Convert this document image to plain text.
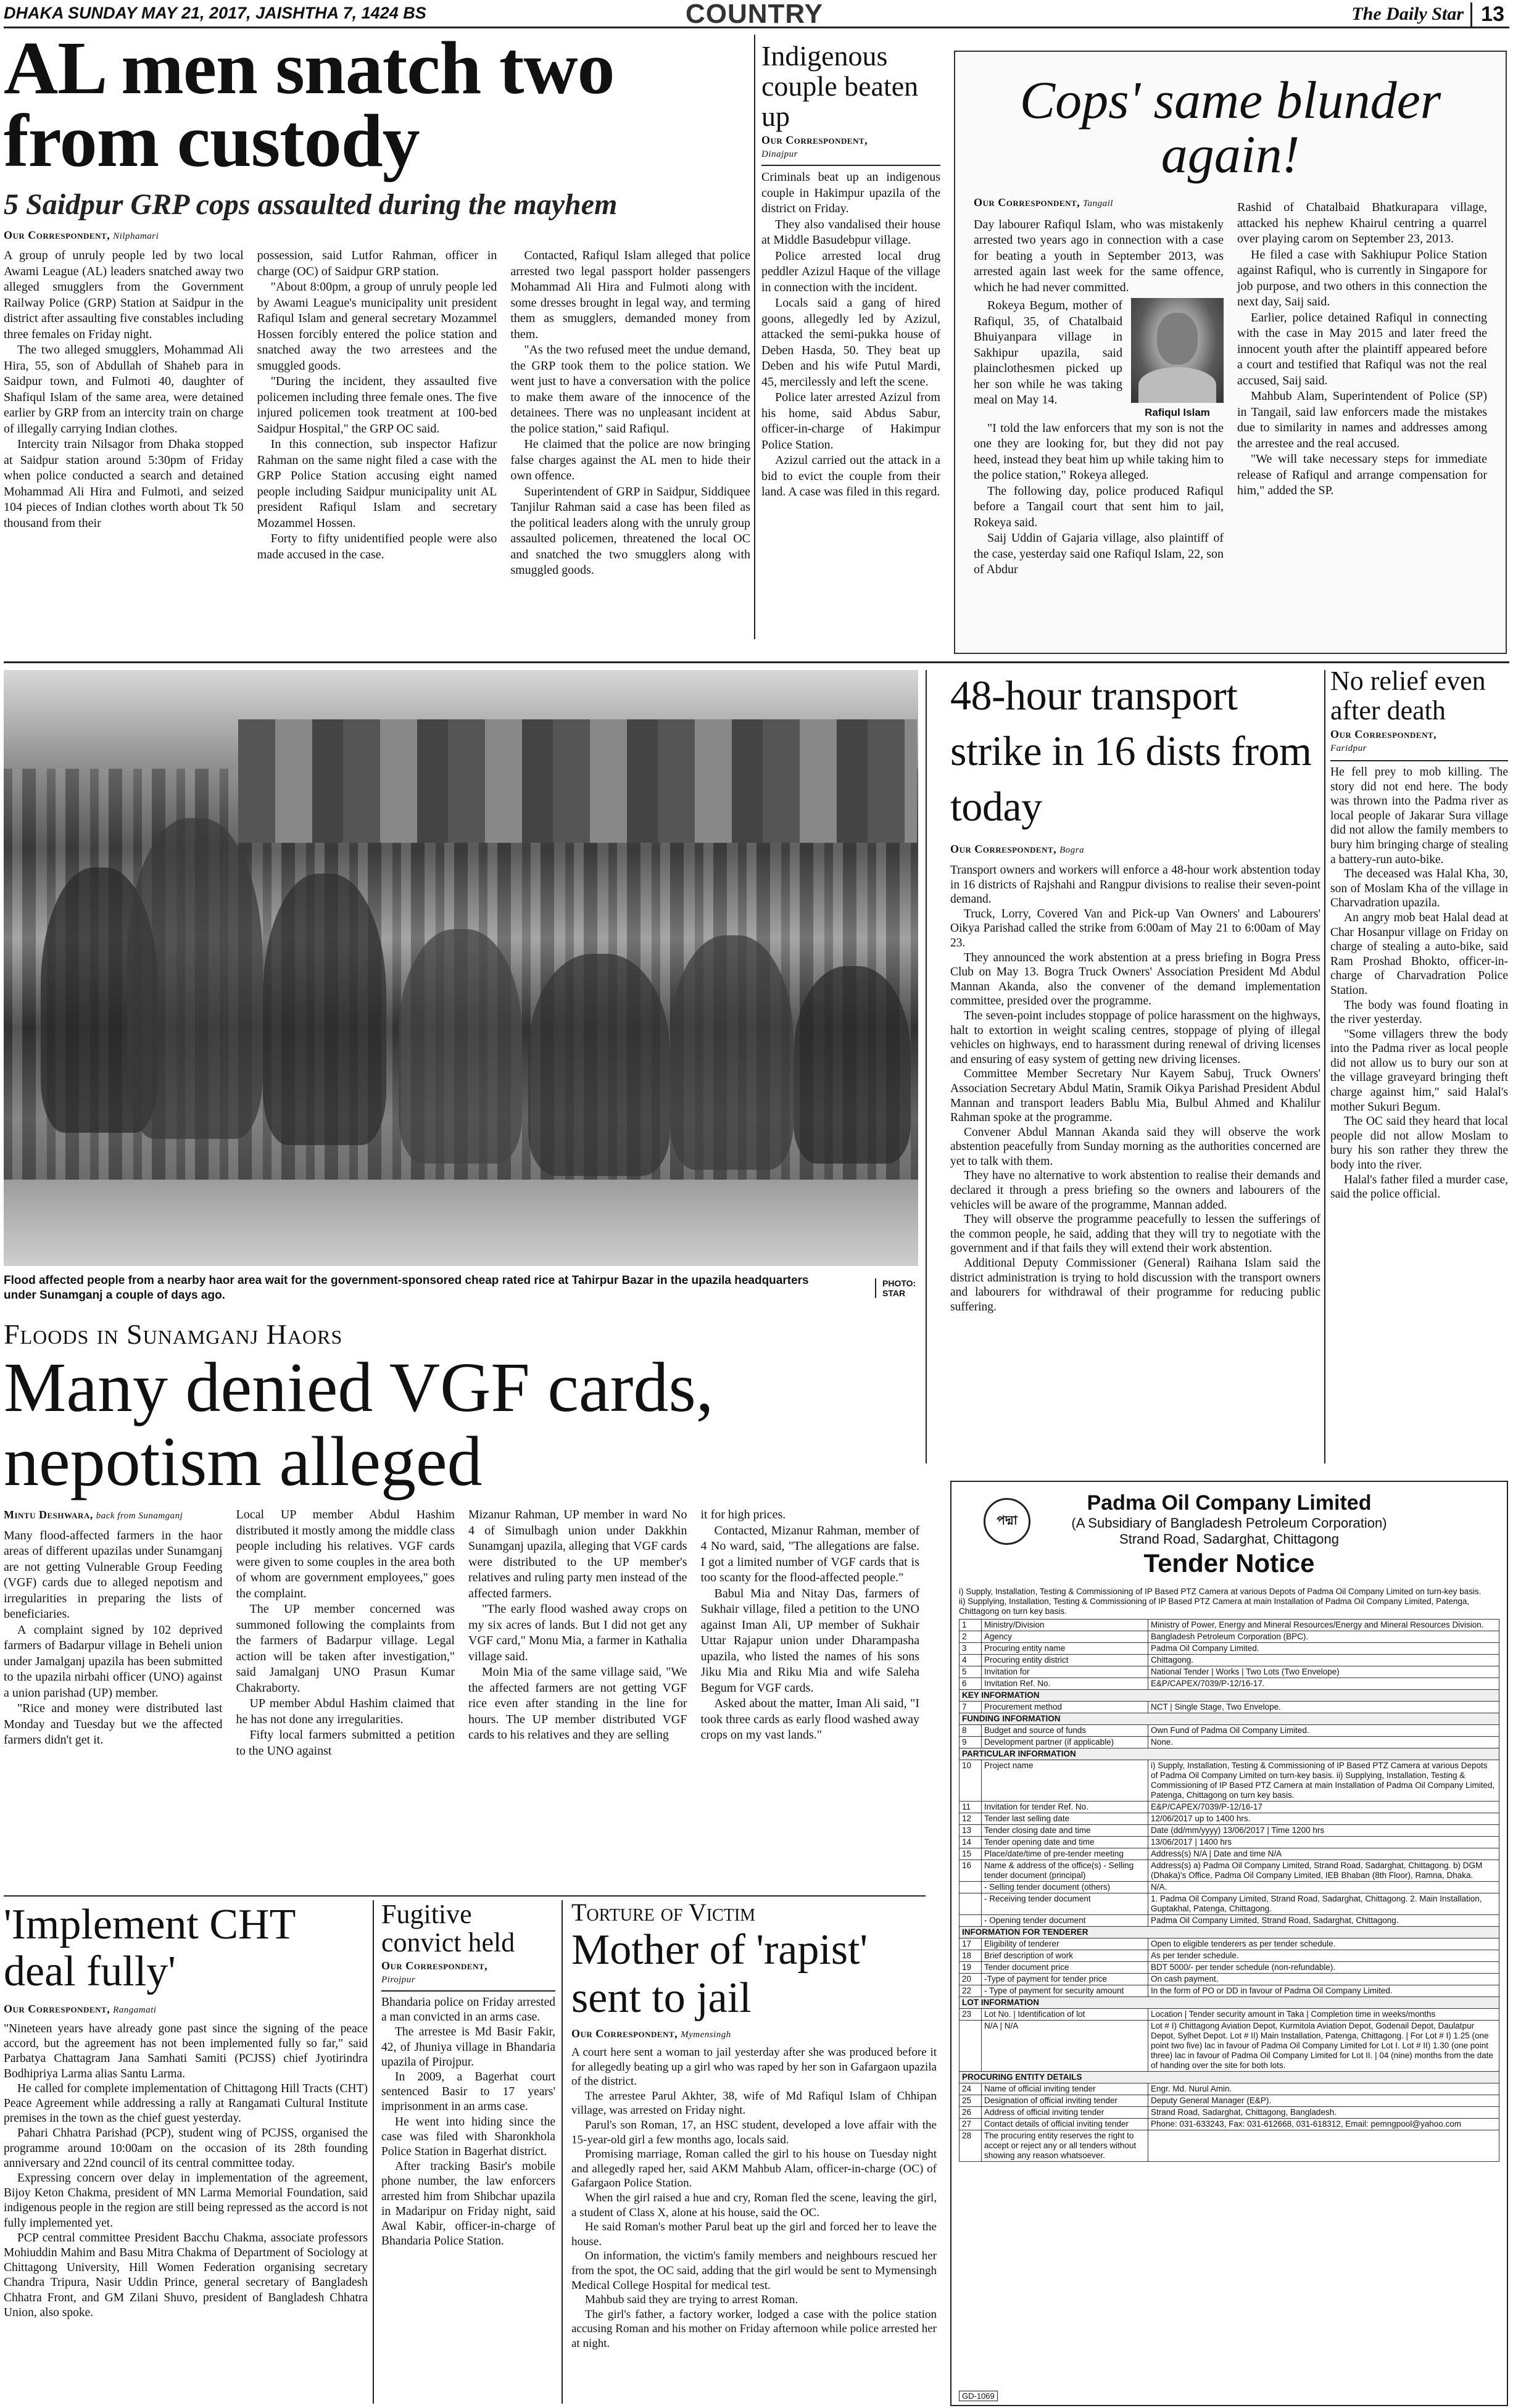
DHAKA SUNDAY MAY 21, 2017, JAISHTHA 7, 1424 BS	COUNTRY	The Daily Star 13
AL men snatch two
from custody
5 Saidpur GRP cops assaulted during the mayhem
Our Correspondent, Nilphamari

A group of unruly people led by two local Awami League (AL) leaders snatched away two alleged smugglers from the Government Railway Police (GRP) Station at Saidpur in the district after assaulting five constables including three females on Friday night.

The two alleged smugglers, Mohammad Ali Hira, 55, son of Abdullah of Shaheb para in Saidpur town, and Fulmoti 40, daughter of Shafiqul Islam of the same area, were detained earlier by GRP from an intercity train on charge of illegally carrying Indian clothes.

Intercity train Nilsagor from Dhaka stopped at Saidpur station around 5:30pm of Friday when police conducted a search and detained Mohammad Ali Hira and Fulmoti, and seized 104 pieces of Indian clothes worth about Tk 50 thousand from their

possession, said Lutfor Rahman, officer in charge (OC) of Saidpur GRP station.

"About 8:00pm, a group of unruly people led by Awami League's municipality unit president Rafiqul Islam and general secretary Mozammel Hossen forcibly entered the police station and snatched away the two arrestees and the smuggled goods.

"During the incident, they assaulted five policemen including three female ones. The five injured policemen took treatment at 100-bed Saidpur Hospital," the GRP OC said.

In this connection, sub inspector Hafizur Rahman on the same night filed a case with the GRP Police Station accusing eight named people including Saidpur municipality unit AL president Rafiqul Islam and secretary Mozammel Hossen.

Forty to fifty unidentified people were also made accused in the case.

Contacted, Rafiqul Islam alleged that police arrested two legal passport holder passengers Mohammad Ali Hira and Fulmoti along with some dresses brought in legal way, and terming them as smugglers, demanded money from them.

"As the two refused meet the undue demand, the GRP took them to the police station. We went just to have a conversation with the police to make them aware of the innocence of the detainees. There was no unpleasant incident at the police station," said Rafiqul.

He claimed that the police are now bringing false charges against the AL men to hide their own offence.

Superintendent of GRP in Saidpur, Siddiquee Tanjilur Rahman said a case has been filed as the political leaders along with the unruly group assaulted policemen, threatened the local OC and snatched the two smugglers along with smuggled goods.

Indigenous couple beaten up
Our Correspondent,
Dinajpur

Criminals beat up an indigenous couple in Hakimpur upazila of the district on Friday.

They also vandalised their house at Middle Basudebpur village.

Police arrested local drug peddler Azizul Haque of the village in connection with the incident.

Locals said a gang of hired goons, allegedly led by Azizul, attacked the semi-pukka house of Deben Hasda, 50. They beat up Deben and his wife Putul Mardi, 45, mercilessly and left the scene.

Police later arrested Azizul from his home, said Abdus Sabur, officer-in-charge of Hakimpur Police Station.

Azizul carried out the attack in a bid to evict the couple from their land. A case was filed in this regard.

Cops' same blunder
again!
Our Correspondent, Tangail

Day labourer Rafiqul Islam, who was mistakenly arrested two years ago in connection with a case for beating a youth in September 2013, was arrested again last week for the same offence, which he had never committed.

Rokeya Begum, mother of Rafiqul, 35, of Chatalbaid Bhuiyanpara village in Sakhipur upazila, said plainclothesmen picked up her son while he was taking meal on May 14.

Rafiqul Islam

"I told the law enforcers that my son is not the one they are looking for, but they did not pay heed, instead they beat him up while taking him to the police station," Rokeya alleged.

The following day, police produced Rafiqul before a Tangail court that sent him to jail, Rokeya said.

Saij Uddin of Gajaria village, also plaintiff of the case, yesterday said one Rafiqul Islam, 22, son of Abdur

Rashid of Chatalbaid Bhatkurapara village, attacked his nephew Khairul centring a quarrel over playing carom on September 23, 2013.

He filed a case with Sakhiupur Police Station against Rafiqul, who is currently in Singapore for job purpose, and two others in this connection the next day, Saij said.

Earlier, police detained Rafiqul in connecting with the case in May 2015 and later freed the innocent youth after the plaintiff appeared before a court and testified that Rafiqul was not the real accused, Saij said.

Mahbub Alam, Superintendent of Police (SP) in Tangail, said law enforcers made the mistakes due to similarity in names and addresses among the arrestee and the real accused.

"We will take necessary steps for immediate release of Rafiqul and arrange compensation for him," added the SP.

Flood affected people from a nearby haor area wait for the government-sponsored cheap rated rice at Tahirpur Bazar in the upazila headquarters under Sunamganj a couple of days ago.
PHOTO:
STAR
Floods in Sunamganj Haors
Many denied VGF cards,
nepotism alleged
Mintu Deshwara, back from Sunamganj

Many flood-affected farmers in the haor areas of different upazilas under Sunamganj are not getting Vulnerable Group Feeding (VGF) cards due to alleged nepotism and irregularities in preparing the lists of beneficiaries.

A complaint signed by 102 deprived farmers of Badarpur village in Beheli union under Jamalganj upazila has been submitted to the upazila nirbahi officer (UNO) against a union parishad (UP) member.

"Rice and money were distributed last Monday and Tuesday but we the affected farmers didn't get it.

Local UP member Abdul Hashim distributed it mostly among the middle class people including his relatives. VGF cards were given to some couples in the area both of whom are government employees," goes the complaint.

The UP member concerned was summoned following the complaints from the farmers of Badarpur village. Legal action will be taken after investigation," said Jamalganj UNO Prasun Kumar Chakraborty.

UP member Abdul Hashim claimed that he has not done any irregularities.

Fifty local farmers submitted a petition to the UNO against

Mizanur Rahman, UP member in ward No 4 of Simulbagh union under Dakkhin Sunamganj upazila, alleging that VGF cards were distributed to the UP member's relatives and ruling party men instead of the affected farmers.

"The early flood washed away crops on my six acres of lands. But I did not get any VGF card," Monu Mia, a farmer in Kathalia village said.

Moin Mia of the same village said, "We the affected farmers are not getting VGF rice even after standing in the line for hours. The UP member distributed VGF cards to his relatives and they are selling

it for high prices.

Contacted, Mizanur Rahman, member of 4 No ward, said, "The allegations are false. I got a limited number of VGF cards that is too scanty for the flood-affected people."

Babul Mia and Nitay Das, farmers of Sukhair village, filed a petition to the UNO against Iman Ali, UP member of Sukhair Uttar Rajapur union under Dharampasha upazila, who listed the names of his sons Jiku Mia and Riku Mia and wife Saleha Begum for VGF cards.

Asked about the matter, Iman Ali said, "I took three cards as early flood washed away crops on my vast lands."

48-hour transport strike in 16 dists from today
Our Correspondent, Bogra

Transport owners and workers will enforce a 48-hour work abstention today in 16 districts of Rajshahi and Rangpur divisions to realise their seven-point demand.

Truck, Lorry, Covered Van and Pick-up Van Owners' and Labourers' Oikya Parishad called the strike from 6:00am of May 21 to 6:00am of May 23.

They announced the work abstention at a press briefing in Bogra Press Club on May 13. Bogra Truck Owners' Association President Md Abdul Mannan Akanda, also the convener of the demand implementation committee, presided over the programme.

The seven-point includes stoppage of police harassment on the highways, halt to extortion in weight scaling centres, stoppage of plying of illegal vehicles on highways, end to harassment during renewal of driving licenses and ensuring of easy system of getting new driving licenses.

Committee Member Secretary Nur Kayem Sabuj, Truck Owners' Association Secretary Abdul Matin, Sramik Oikya Parishad President Abdul Mannan and transport leaders Bablu Mia, Bulbul Ahmed and Khalilur Rahman spoke at the programme.

Convener Abdul Mannan Akanda said they will observe the work abstention peacefully from Sunday morning as the authorities concerned are yet to talk with them.

They have no alternative to work abstention to realise their demands and declared it through a press briefing so the owners and labourers of the vehicles will be aware of the programme, Mannan added.

They will observe the programme peacefully to lessen the sufferings of the common people, he said, adding that they will try to negotiate with the government and if that fails they will extend their work abstention.

Additional Deputy Commissioner (General) Raihana Islam said the district administration is trying to hold discussion with the transport owners and labourers for withdrawal of their programme for reducing public suffering.

No relief even after death
Our Correspondent,
Faridpur

He fell prey to mob killing. The story did not end here. The body was thrown into the Padma river as local people of Jakarar Sura village did not allow the family members to bury him bringing charge of stealing a battery-run auto-bike.

The deceased was Halal Kha, 30, son of Moslam Kha of the village in Charvadration upazila.

An angry mob beat Halal dead at Char Hosanpur village on Friday on charge of stealing a auto-bike, said Ram Proshad Bhokto, officer-in-charge of Charvadration Police Station.

The body was found floating in the river yesterday.

"Some villagers threw the body into the Padma river as local people did not allow us to bury our son at the village graveyard bringing theft charge against him," said Halal's mother Sukuri Begum.

The OC said they heard that local people did not allow Moslam to bury his son rather they threw the body into the river.

Halal's father filed a murder case, said the police official.

পদ্মা
Padma Oil Company Limited
(A Subsidiary of Bangladesh Petroleum Corporation)
Strand Road, Sadarghat, Chittagong
Tender Notice
i) Supply, Installation, Testing & Commissioning of IP Based PTZ Camera at various Depots of Padma Oil Company Limited on turn-key basis.
ii) Supplying, Installation, Testing & Commissioning of IP Based PTZ Camera at main Installation of Padma Oil Company Limited, Patenga, Chittagong on turn key basis.
1	Ministry/Division	Ministry of Power, Energy and Mineral Resources/Energy and Mineral Resources Division.
2	Agency	Bangladesh Petroleum Corporation (BPC).
3	Procuring entity name	Padma Oil Company Limited.
4	Procuring entity district	Chittagong.
5	Invitation for	National Tender | Works | Two Lots (Two Envelope)
6	Invitation Ref. No.	E&P/CAPEX/7039/P-12/16-17.
KEY INFORMATION		
7	Procurement method	NCT | Single Stage, Two Envelope.
FUNDING INFORMATION		
8	Budget and source of funds	Own Fund of Padma Oil Company Limited.
9	Development partner (if applicable)	None.
PARTICULAR INFORMATION		
10	Project name	i) Supply, Installation, Testing & Commissioning of IP Based PTZ Camera at various Depots of Padma Oil Company Limited on turn-key basis. ii) Supplying, Installation, Testing & Commissioning of IP Based PTZ Camera at main Installation of Padma Oil Company Limited, Patenga, Chittagong on turn key basis.
11	Invitation for tender Ref. No.	E&P/CAPEX/7039/P-12/16-17
12	Tender last selling date	12/06/2017 up to 1400 hrs.
13	Tender closing date and time	Date (dd/mm/yyyy) 13/06/2017 | Time 1200 hrs
14	Tender opening date and time	13/06/2017 | 1400 hrs
15	Place/date/time of pre-tender meeting	Address(s) N/A | Date and time N/A
16	Name & address of the office(s) - Selling tender document (principal)	Address(s) a) Padma Oil Company Limited, Strand Road, Sadarghat, Chittagong. b) DGM (Dhaka)'s Office, Padma Oil Company Limited, IEB Bhaban (8th Floor), Ramna, Dhaka.
	- Selling tender document (others)	N/A.
	- Receiving tender document	1. Padma Oil Company Limited, Strand Road, Sadarghat, Chittagong. 2. Main Installation, Guptakhal, Patenga, Chittagong.
	- Opening tender document	Padma Oil Company Limited, Strand Road, Sadarghat, Chittagong.
INFORMATION FOR TENDERER		
17	Eligibility of tenderer	Open to eligible tenderers as per tender schedule.
18	Brief description of work	As per tender schedule.
19	Tender document price	BDT 5000/- per tender schedule (non-refundable).
20	-Type of payment for tender price	On cash payment.
22	- Type of payment for security amount	In the form of PO or DD in favour of Padma Oil Company Limited.
LOT INFORMATION		
23	Lot No. | Identification of lot	Location | Tender security amount in Taka | Completion time in weeks/months
	N/A | N/A	Lot # I) Chittagong Aviation Depot, Kurmitola Aviation Depot, Godenail Depot, Daulatpur Depot, Sylhet Depot. Lot # II) Main Installation, Patenga, Chittagong. | For Lot # I) 1.25 (one point two five) lac in favour of Padma Oil Company Limited for Lot I. Lot # II) 1.30 (one point three) lac in favour of Padma Oil Company Limited for Lot II. | 04 (nine) months from the date of handing over the site for both lots.
PROCURING ENTITY DETAILS		
24	Name of official inviting tender	Engr. Md. Nurul Amin.
25	Designation of official inviting tender	Deputy General Manager (E&P).
26	Address of official inviting tender	Strand Road, Sadarghat, Chittagong, Bangladesh.
27	Contact details of official inviting tender	Phone: 031-633243, Fax: 031-612668, 031-618312, Email: pemngpool@yahoo.com
28	The procuring entity reserves the right to accept or reject any or all tenders without showing any reason whatsoever.	
GD-1069
'Implement CHT
deal fully'
Our Correspondent, Rangamati

"Nineteen years have already gone past since the signing of the peace accord, but the agreement has not been implemented fully so far," said Parbatya Chattagram Jana Samhati Samiti (PCJSS) chief Jyotirindra Bodhipriya Larma alias Santu Larma.

He called for complete implementation of Chittagong Hill Tracts (CHT) Peace Agreement while addressing a rally at Rangamati Cultural Institute premises in the town as the chief guest yesterday.

Pahari Chhatra Parishad (PCP), student wing of PCJSS, organised the programme around 10:00am on the occasion of its 28th founding anniversary and 22nd council of its central committee today.

Expressing concern over delay in implementation of the agreement, Bijoy Keton Chakma, president of MN Larma Memorial Foundation, said indigenous people in the region are still being repressed as the accord is not fully implemented yet.

PCP central committee President Bacchu Chakma, associate professors Mohiuddin Mahim and Basu Mitra Chakma of Department of Sociology at Chittagong University, Hill Women Federation organising secretary Chandra Tripura, Nasir Uddin Prince, general secretary of Bangladesh Chhatra Front, and GM Zilani Shuvo, president of Bangladesh Chhatra Union, also spoke.

Fugitive convict held
Our Correspondent,
Pirojpur

Bhandaria police on Friday arrested a man convicted in an arms case.

The arrestee is Md Basir Fakir, 42, of Jhuniya village in Bhandaria upazila of Pirojpur.

In 2009, a Bagerhat court sentenced Basir to 17 years' imprisonment in an arms case.

He went into hiding since the case was filed with Sharonkhola Police Station in Bagerhat district.

After tracking Basir's mobile phone number, the law enforcers arrested him from Shibchar upazila in Madaripur on Friday night, said Awal Kabir, officer-in-charge of Bhandaria Police Station.

Torture of Victim
Mother of 'rapist'
sent to jail
Our Correspondent, Mymensingh

A court here sent a woman to jail yesterday after she was produced before it for allegedly beating up a girl who was raped by her son in Gafargaon upazila of the district.

The arrestee Parul Akhter, 38, wife of Md Rafiqul Islam of Chhipan village, was arrested on Friday night.

Parul's son Roman, 17, an HSC student, developed a love affair with the 15-year-old girl a few months ago, locals said.

Promising marriage, Roman called the girl to his house on Tuesday night and allegedly raped her, said AKM Mahbub Alam, officer-in-charge (OC) of Gafargaon Police Station.

When the girl raised a hue and cry, Roman fled the scene, leaving the girl, a student of Class X, alone at his house, said the OC.

He said Roman's mother Parul beat up the girl and forced her to leave the house.

On information, the victim's family members and neighbours rescued her from the spot, the OC said, adding that the girl would be sent to Mymensingh Medical College Hospital for medical test.

Mahbub said they are trying to arrest Roman.

The girl's father, a factory worker, lodged a case with the police station accusing Roman and his mother on Friday afternoon while police arrested her at night.
